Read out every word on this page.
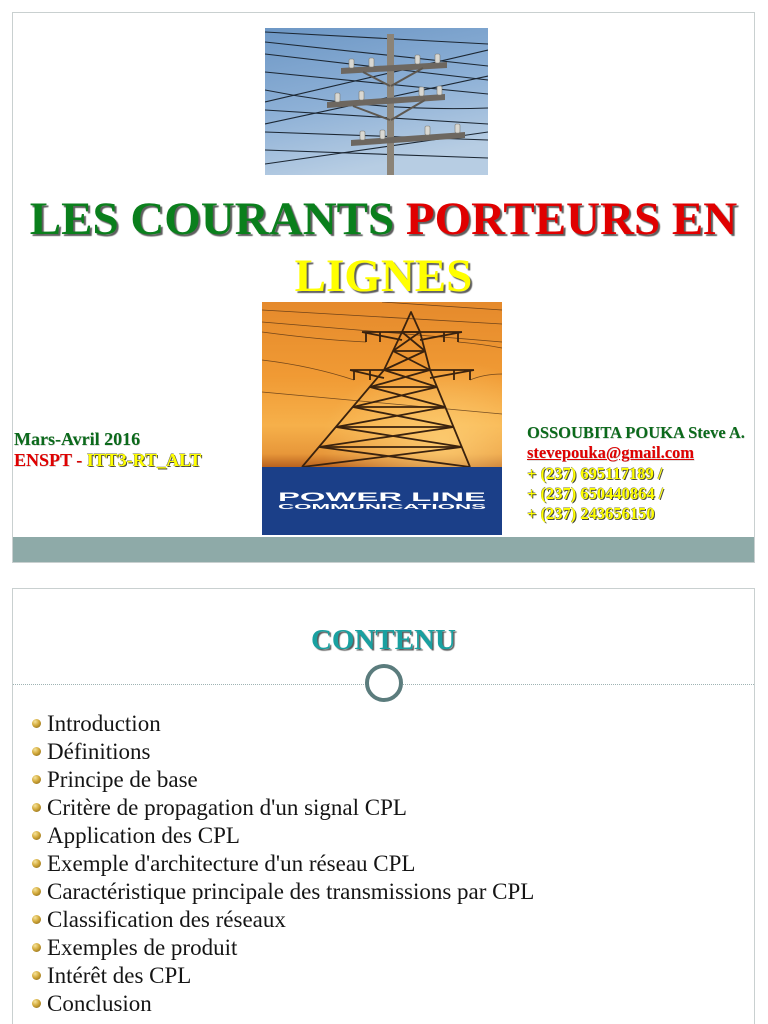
LES COURANTS PORTEURS EN
LIGNES
POWER LINE
COMMUNICATIONS
Mars-Avril 2016
ENSPT - ITT3-RT_ALT
OSSOUBITA POUKA Steve A.
stevepouka@gmail.com
+ (237) 695117189 /
+ (237) 650440864 /
+ (237) 243656150
CONTENU
Introduction
Définitions
Principe de base
Critère de propagation d'un signal CPL
Application des CPL
Exemple d'architecture d'un réseau CPL
Caractéristique principale des transmissions par CPL
Classification des réseaux
Exemples de produit
Intérêt des CPL
Conclusion
